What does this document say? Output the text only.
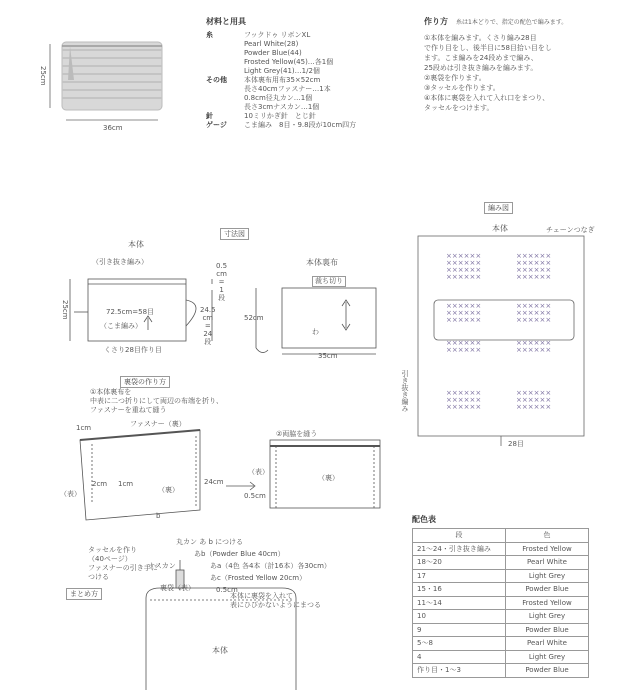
××××××
××××××
××××××
××××××
××××××
××××××
××××××
××××××
××××××
××××××
××××××
××××××
××××××
××××××
××××××
××××××
××××××
××××××
××××××
××××××
××××××
××××××
××××××
××××××
25cm
36cm
材料と用具
糸	フックドゥ リボンXL
Pearl White(28)
Powder Blue(44)
Frosted Yellow(45)…各1個
Light Grey(41)…1/2個
その他	本体裏布用布35×52cm
長さ40cmファスナー…1本
0.8cm径丸カン…1個
長さ3cmナスカン…1個
針	10ミリかぎ針　とじ針
ゲージ	こま編み　8目・9.8段が10cm四方
作り方 糸は1本どりで、指定の配色で編みます。
①本体を編みます。くさり編み28目
で作り目をし、後半目に58目拾い目をし
ます。こま編みを24段めまで編み、
25段めは引き抜き編みを編みます。
②裏袋を作ります。
③タッセルを作ります。
④本体に裏袋を入れて入れ口をまつり、
タッセルをつけます。
寸法図
本体
（引き抜き編み）
72.5cm=58目
（こま編み）
25cm
0.5
cm
=
1
段
24.5
cm
=
24
段
くさり28目作り目
本体裏布
裁ち切り
52cm
35cm
わ
編み図
本体	チェーンつなぎ
引き抜き編み
28目
裏袋の作り方
①本体裏布を
中表に二つ折りにして両辺の布端を折り、
ファスナーを重ねて縫う
ファスナー（裏）
1cm
2cm 1cm
（表）	（裏）
24cm
b
②両脇を縫う
（表）
（裏）
0.5cm
まとめ方
タッセルを作り
（40ページ）
ファスナーの引き手に
つける
丸カン あ b につける
ナスカン
あb（Powder Blue 40cm）
あa（4色 各4本（計16本）各30cm）
あc（Frosted Yellow 20cm）
裏袋（表）	0.5cm
本体に裏袋を入れて
表にひびかないようにまつる
本体
配色表
段	色
21～24・引き抜き編み	Frosted Yellow
18～20	Pearl White
17	Light Grey
15・16	Powder Blue
11～14	Frosted Yellow
10	Light Grey
9	Powder Blue
5～8	Pearl White
4	Light Grey
作り目・1～3	Powder Blue
